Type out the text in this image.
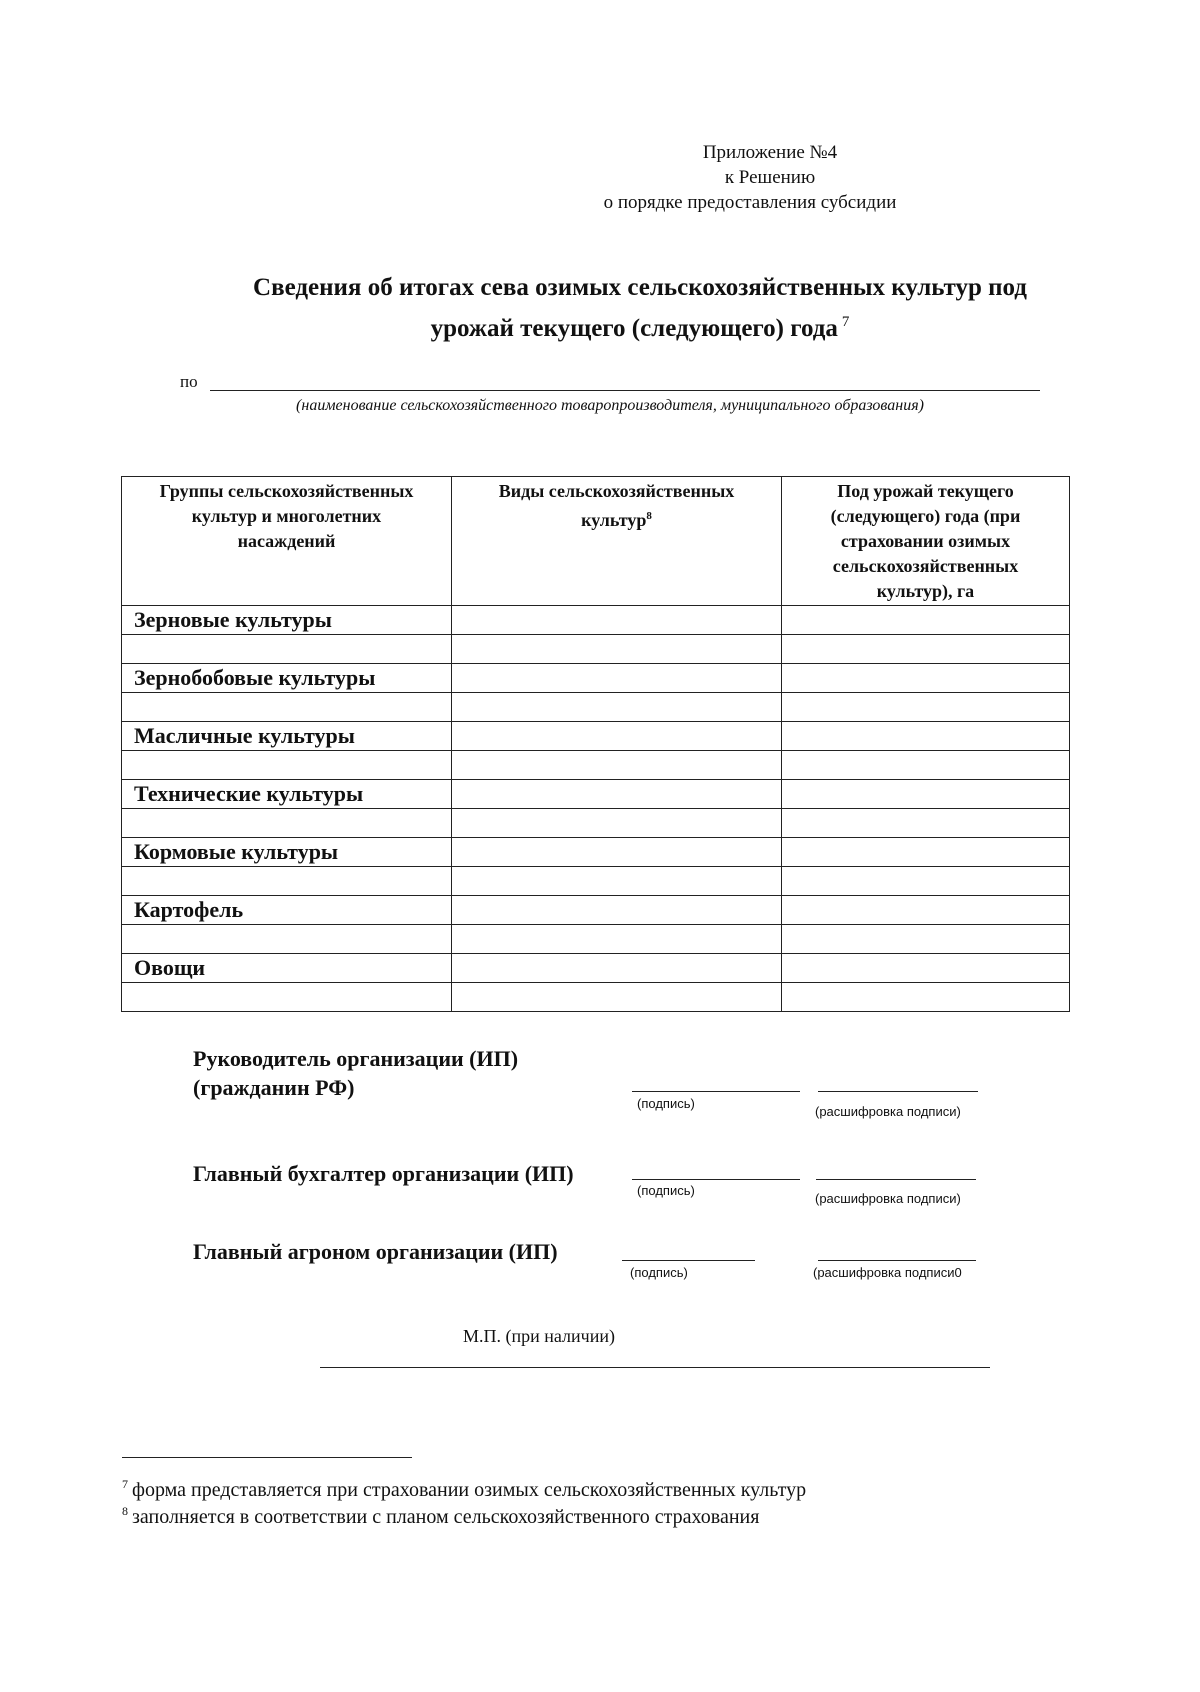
Приложение №4
к Решению
о порядке предоставления субсидии
Сведения об итогах сева озимых сельскохозяйственных культур под
урожай текущего (следующего) года $^7$
по
(наименование сельскохозяйственного товаропроизводителя, муниципального образования)
Группы сельскохозяйственных культур и многолетних насаждений	Виды сельскохозяйственных культур$^8$	Под урожай текущего (следующего) года (при страховании озимых сельскохозяйственных культур), га

Зерновые культуры		

Зернобобовые культуры		

Масличные культуры		

Технические культуры		

Кормовые культуры		

Картофель		

Овощи		

Руководитель организации (ИП)
(гражданин РФ)
(подпись)
(расшифровка подписи)
Главный бухгалтер организации (ИП)
(подпись)
(расшифровка подписи)
Главный агроном организации (ИП)
(подпись)	(расшифровка подписи0
М.П. (при наличии)
$^7$ форма представляется при страховании озимых сельскохозяйственных культур
$^8$ заполняется в соответствии с планом сельскохозяйственного страхования
